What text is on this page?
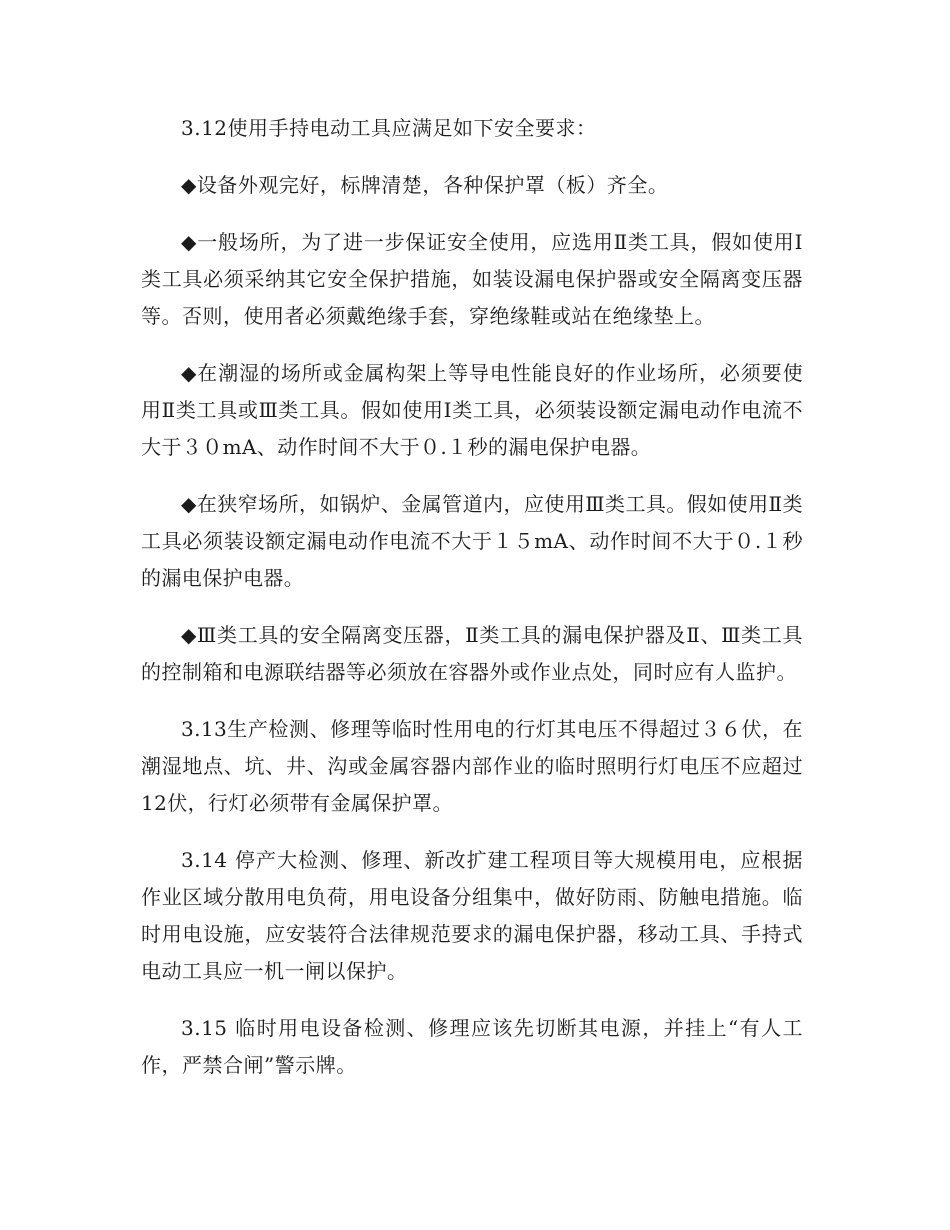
3.12使用手持电动工具应满足如下安全要求：

◆设备外观完好，标牌清楚，各种保护罩（板）齐全。

◆一般场所，为了进一步保证安全使用，应选用Ⅱ类工具，假如使用Ⅰ类工具必须采纳其它安全保护措施，如装设漏电保护器或安全隔离变压器等。否则，使用者必须戴绝缘手套，穿绝缘鞋或站在绝缘垫上。

◆在潮湿的场所或金属构架上等导电性能良好的作业场所，必须要使用Ⅱ类工具或Ⅲ类工具。假如使用Ⅰ类工具，必须装设额定漏电动作电流不大于３０mA、动作时间不大于０.１秒的漏电保护电器。

◆在狭窄场所，如锅炉、金属管道内，应使用Ⅲ类工具。假如使用Ⅱ类工具必须装设额定漏电动作电流不大于１５mA、动作时间不大于０.１秒的漏电保护电器。

◆Ⅲ类工具的安全隔离变压器，Ⅱ类工具的漏电保护器及Ⅱ、Ⅲ类工具的控制箱和电源联结器等必须放在容器外或作业点处，同时应有人监护。

3.13生产检测、修理等临时性用电的行灯其电压不得超过３６伏，在潮湿地点、坑、井、沟或金属容器内部作业的临时照明行灯电压不应超过12伏，行灯必须带有金属保护罩。

3.14 停产大检测、修理、新改扩建工程项目等大规模用电，应根据作业区域分散用电负荷，用电设备分组集中，做好防雨、防触电措施。临时用电设施，应安装符合法律规范要求的漏电保护器，移动工具、手持式电动工具应一机一闸以保护。

3.15 临时用电设备检测、修理应该先切断其电源，并挂上“有人工作，严禁合闸”警示牌。
